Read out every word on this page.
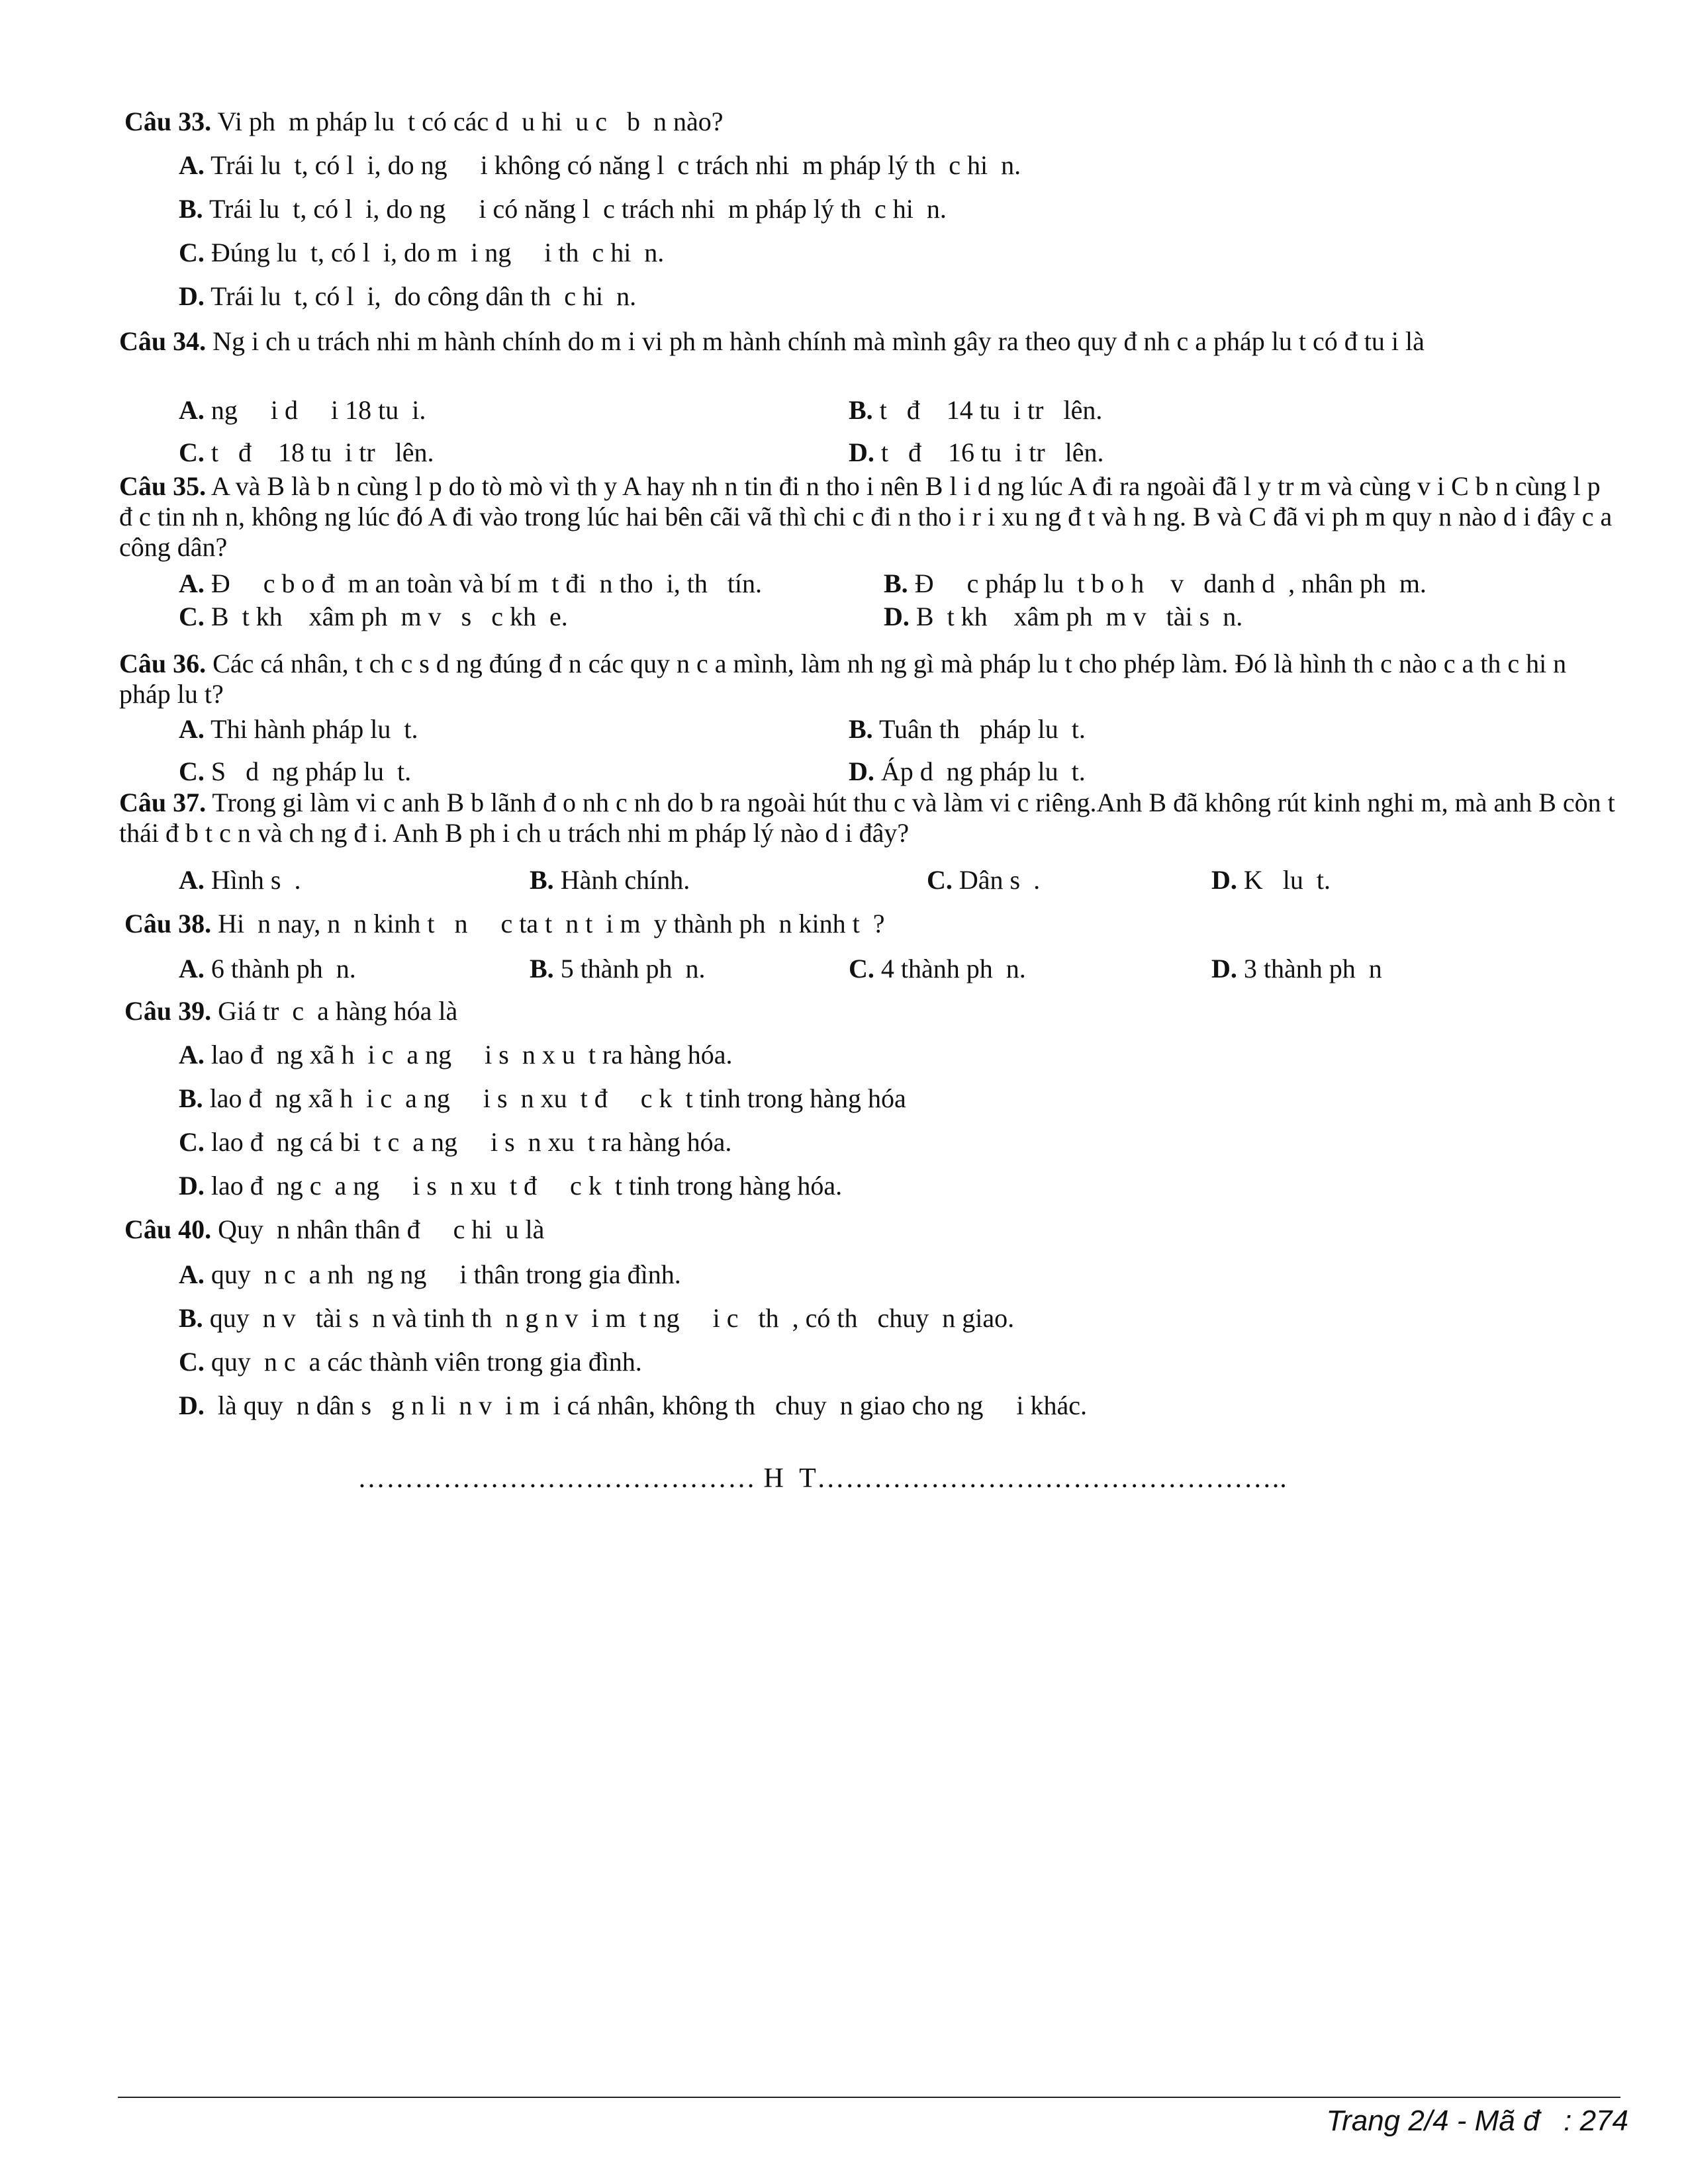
Câu 33. Vi ph  m pháp lu  t có các d  u hi  u c   b  n nào?
A. Trái lu  t, có l  i, do ng     i không có năng l  c trách nhi  m pháp lý th  c hi  n.
B. Trái lu  t, có l  i, do ng     i có năng l  c trách nhi  m pháp lý th  c hi  n.
C. Đúng lu  t, có l  i, do m  i ng     i th  c hi  n.
D. Trái lu  t, có l  i,  do công dân th  c hi  n.
Câu 34. Ng i ch u trách nhi m hành chính do m i vi ph m hành chính mà mình gây ra theo quy đ nh c a pháp lu t có đ tu i là
A. ng     i d     i 18 tu  i.	B. t   đ    14 tu  i tr   lên.
C. t   đ    18 tu  i tr   lên.	D. t   đ    16 tu  i tr   lên.
Câu 35. A và B là b n cùng l p do tò mò vì th y A hay nh n tin đi n tho i nên B l i d ng lúc A đi ra ngoài đã l y tr m và cùng v i C b n cùng l p đ c tin nh n, không ng lúc đó A đi vào trong lúc hai bên cãi vã thì chi c đi n tho i r i xu ng đ t và h ng. B và C đã vi ph m quy n nào d i đây c a công dân?
A. Đ     c b o đ  m an toàn và bí m  t đi  n tho  i, th   tín.	B. Đ     c pháp lu  t b o h    v   danh d  , nhân ph  m.
C. B  t kh    xâm ph  m v   s   c kh  e.	D. B  t kh    xâm ph  m v   tài s  n.
Câu 36. Các cá nhân, t ch c s d ng đúng đ n các quy n c a mình, làm nh ng gì mà pháp lu t cho phép làm. Đó là hình th c nào c a th c hi n pháp lu t?
A. Thi hành pháp lu  t.	B. Tuân th   pháp lu  t.
C. S   d  ng pháp lu  t.	D. Áp d  ng pháp lu  t.
Câu 37. Trong gi làm vi c anh B b lãnh đ o nh c nh do b ra ngoài hút thu c và làm vi c riêng.Anh B đã không rút kinh nghi m, mà anh B còn t thái đ b t c n và ch ng đ i. Anh B ph i ch u trách nhi m pháp lý nào d i đây?
A. Hình s  .	B. Hành chính.	C. Dân s  .	D. K   lu  t.
Câu 38. Hi  n nay, n  n kinh t   n     c ta t  n t  i m  y thành ph  n kinh t  ?
A. 6 thành ph  n.	B. 5 thành ph  n.	C. 4 thành ph  n.	D. 3 thành ph  n
Câu 39. Giá tr  c  a hàng hóa là
A. lao đ  ng xã h  i c  a ng     i s  n x u  t ra hàng hóa.
B. lao đ  ng xã h  i c  a ng     i s  n xu  t đ     c k  t tinh trong hàng hóa
C. lao đ  ng cá bi  t c  a ng     i s  n xu  t ra hàng hóa.
D. lao đ  ng c  a ng     i s  n xu  t đ     c k  t tinh trong hàng hóa.
Câu 40. Quy  n nhân thân đ     c hi  u là
A. quy  n c  a nh  ng ng     i thân trong gia đình.
B. quy  n v   tài s  n và tinh th  n g n v  i m  t ng     i c   th  , có th   chuy  n giao.
C. quy  n c  a các thành viên trong gia đình.
D.  là quy  n dân s   g n li  n v  i m  i cá nhân, không th   chuy  n giao cho ng     i khác.
…………………………………… H  T…………………………………………..
Trang 2/4 - Mã đ   : 274
